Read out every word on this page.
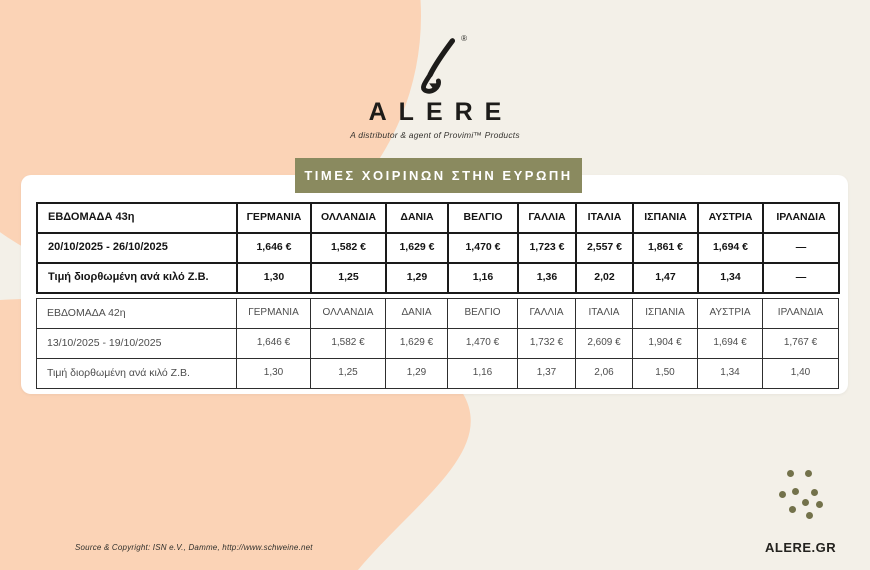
®
ALERE
A distributor & agent of Provimi™ Products
ΤΙΜΕΣ ΧΟΙΡΙΝΩΝ ΣΤΗΝ ΕΥΡΩΠΗ
ΕΒΔΟΜΑΔΑ 43η	ΓΕΡΜΑΝΙΑ	ΟΛΛΑΝΔΙΑ	ΔΑΝΙΑ	ΒΕΛΓΙΟ	ΓΑΛΛΙΑ	ΙΤΑΛΙΑ	ΙΣΠΑΝΙΑ	ΑΥΣΤΡΙΑ	ΙΡΛΑΝΔΙΑ
20/10/2025 - 26/10/2025	1,646 €	1,582 €	1,629 €	1,470 €	1,723 €	2,557 €	1,861 €	1,694 €	—
Τιμή διορθωμένη ανά κιλό Ζ.Β.	1,30	1,25	1,29	1,16	1,36	2,02	1,47	1,34	—
ΕΒΔΟΜΑΔΑ 42η	ΓΕΡΜΑΝΙΑ	ΟΛΛΑΝΔΙΑ	ΔΑΝΙΑ	ΒΕΛΓΙΟ	ΓΑΛΛΙΑ	ΙΤΑΛΙΑ	ΙΣΠΑΝΙΑ	ΑΥΣΤΡΙΑ	ΙΡΛΑΝΔΙΑ
13/10/2025 - 19/10/2025	1,646 €	1,582 €	1,629 €	1,470 €	1,732 €	2,609 €	1,904 €	1,694 €	1,767 €
Τιμή διορθωμένη ανά κιλό Ζ.Β.	1,30	1,25	1,29	1,16	1,37	2,06	1,50	1,34	1,40
Source & Copyright: ISN e.V., Damme, http://www.schweine.net	ALERE.GR
